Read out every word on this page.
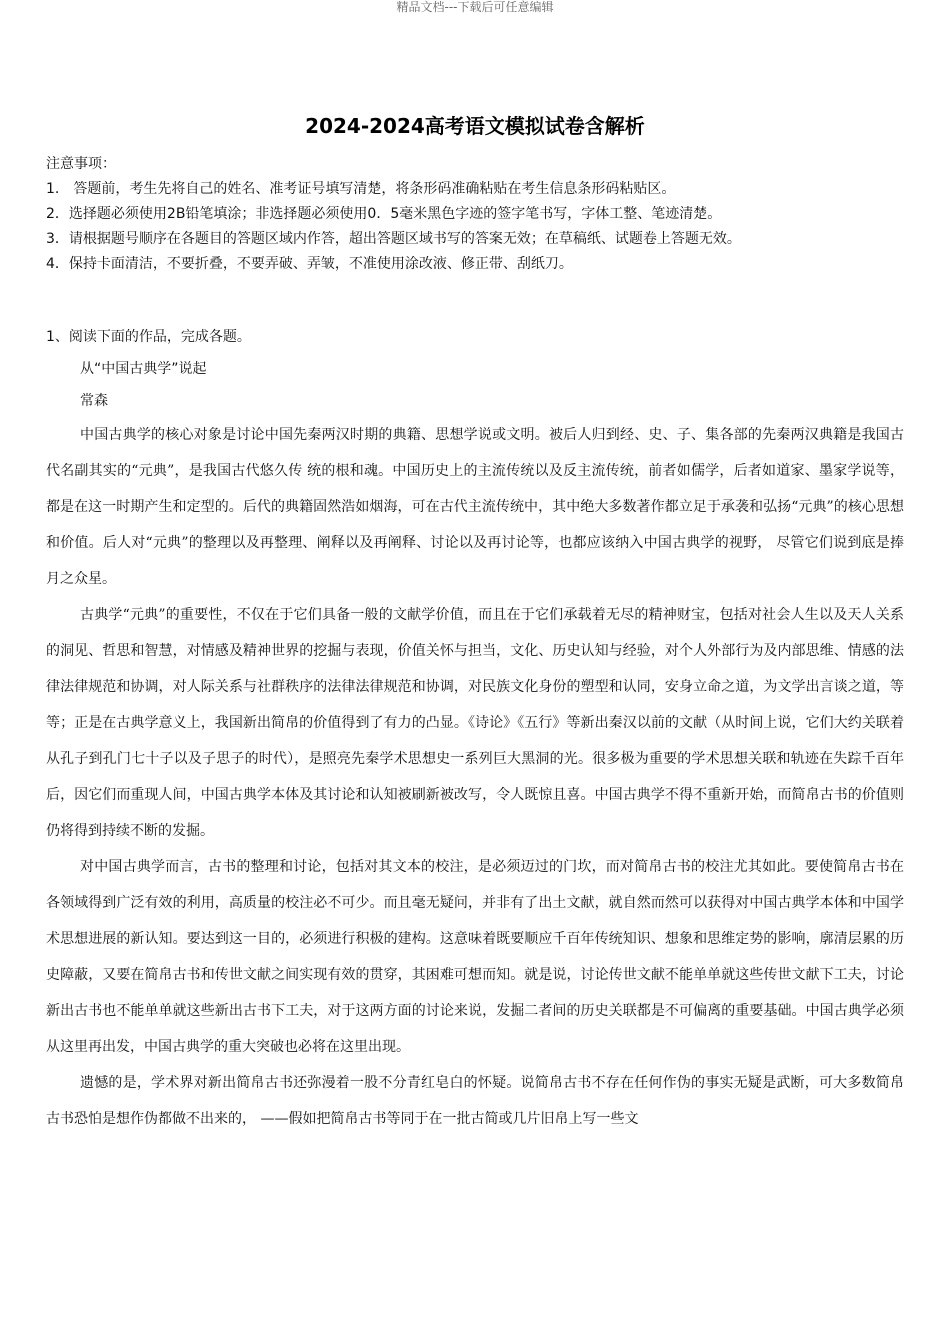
精品文档---下载后可任意编辑
2024-2024高考语文模拟试卷含解析
注意事项：
1.　答题前，考生先将自己的姓名、准考证号填写清楚，将条形码准确粘贴在考生信息条形码粘贴区。
2．选择题必须使用2B铅笔填涂；非选择题必须使用0．5毫米黑色字迹的签字笔书写，字体工整、笔迹清楚。
3．请根据题号顺序在各题目的答题区域内作答，超出答题区域书写的答案无效；在草稿纸、试题卷上答题无效。
4．保持卡面清洁，不要折叠，不要弄破、弄皱，不准使用涂改液、修正带、刮纸刀。
1、阅读下面的作品，完成各题。
从“中国古典学”说起
常森

中国古典学的核心对象是讨论中国先秦两汉时期的典籍、思想学说或文明。被后人归到经、史、子、集各部的先秦两汉典籍是我国古代名副其实的“元典”，是我国古代悠久传 统的根和魂。中国历史上的主流传统以及反主流传统，前者如儒学，后者如道家、墨家学说等，都是在这一时期产生和定型的。后代的典籍固然浩如烟海，可在古代主流传统中，其中绝大多数著作都立足于承袭和弘扬“元典”的核心思想和价值。后人对“元典”的整理以及再整理、阐释以及再阐释、讨论以及再讨论等，也都应该纳入中国古典学的视野， 尽管它们说到底是捧月之众星。

古典学“元典”的重要性，不仅在于它们具备一般的文献学价值，而且在于它们承载着无尽的精神财宝，包括对社会人生以及天人关系的洞见、哲思和智慧，对情感及精神世界的挖掘与表现，价值关怀与担当，文化、历史认知与经验，对个人外部行为及内部思维、情感的法律法律规范和协调，对人际关系与社群秩序的法律法律规范和协调，对民族文化身份的塑型和认同，安身立命之道，为文学出言谈之道，等等；正是在古典学意义上，我国新出简帛的价值得到了有力的凸显。《诗论》《五行》等新出秦汉以前的文献（从时间上说，它们大约关联着从孔子到孔门七十子以及子思子的时代），是照亮先秦学术思想史一系列巨大黑洞的光。很多极为重要的学术思想关联和轨迹在失踪千百年后，因它们而重现人间，中国古典学本体及其讨论和认知被刷新被改写，令人既惊且喜。中国古典学不得不重新开始，而简帛古书的价值则仍将得到持续不断的发掘。

对中国古典学而言，古书的整理和讨论，包括对其文本的校注，是必须迈过的门坎，而对简帛古书的校注尤其如此。要使简帛古书在各领域得到广泛有效的利用，高质量的校注必不可少。而且毫无疑问，并非有了出土文献，就自然而然可以获得对中国古典学本体和中国学术思想进展的新认知。要达到这一目的，必须进行积极的建构。这意味着既要顺应千百年传统知识、想象和思维定势的影响，廓清层累的历史障蔽，又要在简帛古书和传世文献之间实现有效的贯穿，其困难可想而知。就是说，讨论传世文献不能单单就这些传世文献下工夫，讨论新出古书也不能单单就这些新出古书下工夫，对于这两方面的讨论来说，发掘二者间的历史关联都是不可偏离的重要基础。中国古典学必须从这里再出发，中国古典学的重大突破也必将在这里出现。

遗憾的是，学术界对新出简帛古书还弥漫着一股不分青红皂白的怀疑。说简帛古书不存在任何作伪的事实无疑是武断，可大多数简帛古书恐怕是想作伪都做不出来的， ——假如把简帛古书等同于在一批古简或几片旧帛上写一些文
